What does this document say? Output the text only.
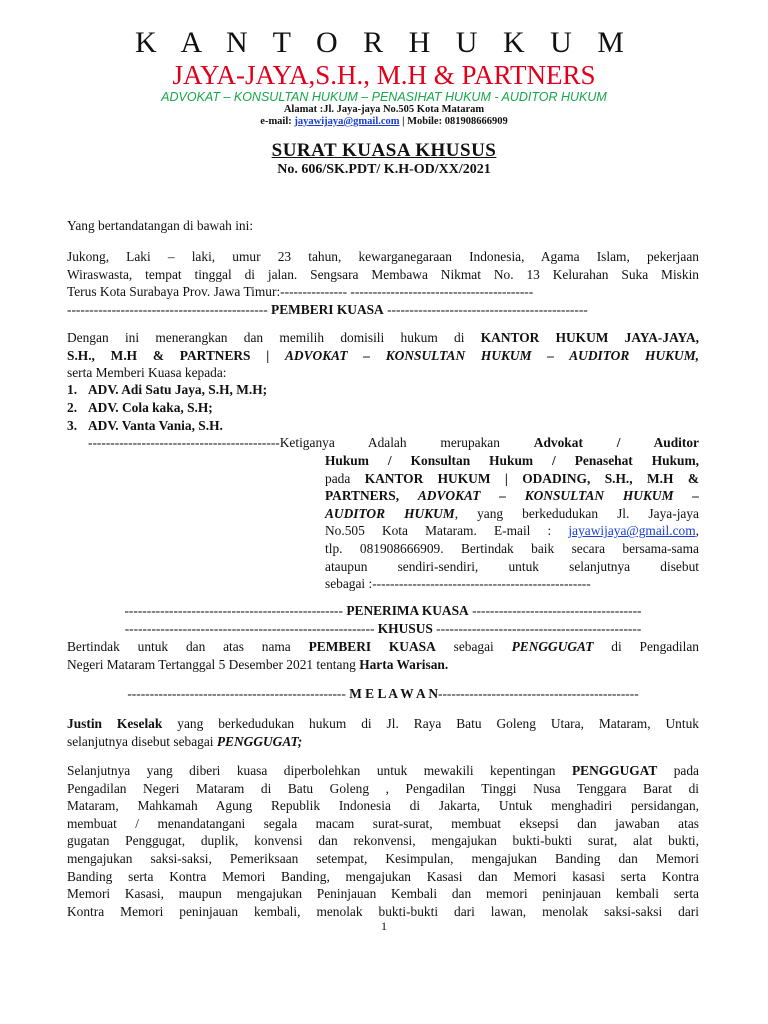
K A N T O R H U K U M
JAYA-JAYA,S.H., M.H & PARTNERS
ADVOKAT – KONSULTAN HUKUM – PENASIHAT HUKUM - AUDITOR HUKUM
Alamat :Jl. Jaya-jaya No.505 Kota Mataram
e-mail: jayawijaya@gmail.com | Mobile: 081908666909
SURAT KUASA KHUSUS
No. 606/SK.PDT/ K.H-OD/XX/2021
Yang bertandatangan di bawah ini:
Jukong, Laki – laki, umur 23 tahun, kewarganegaraan Indonesia, Agama Islam, pekerjaan
Wiraswasta, tempat tinggal di jalan. Sengsara Membawa Nikmat No. 13 Kelurahan Suka Miskin
Terus Kota Surabaya Prov. Jawa Timur:--------------- -----------------------------------------
--------------------------------------------- PEMBERI KUASA ---------------------------------------------
Dengan ini menerangkan dan memilih domisili hukum di KANTOR HUKUM JAYA-JAYA,
S.H., M.H & PARTNERS | ADVOKAT – KONSULTAN HUKUM – AUDITOR HUKUM,
serta Memberi Kuasa kepada:
1. ADV. Adi Satu Jaya, S.H, M.H;
2. ADV. Cola kaka, S.H;
3. ADV. Vanta Vania, S.H.
-------------------------------------------Ketiganya Adalah merupakan Advokat / Auditor
Hukum / Konsultan Hukum / Penasehat Hukum,
pada KANTOR HUKUM | ODADING, S.H., M.H &
PARTNERS, ADVOKAT – KONSULTAN HUKUM –
AUDITOR HUKUM, yang berkedudukan Jl. Jaya-jaya
No.505 Kota Mataram. E-mail : jayawijaya@gmail.com,
tlp. 081908666909. Bertindak baik secara bersama-sama
ataupun sendiri-sendiri, untuk selanjutnya disebut
sebagai :-------------------------------------------------
------------------------------------------------- PENERIMA KUASA --------------------------------------
-------------------------------------------------------- KHUSUS ----------------------------------------------
Bertindak untuk dan atas nama PEMBERI KUASA sebagai PENGGUGAT di Pengadilan
Negeri Mataram Tertanggal 5 Desember 2021 tentang Harta Warisan.
------------------------------------------------- M E L A W A N---------------------------------------------
Justin Keselak yang berkedudukan hukum di Jl. Raya Batu Goleng Utara, Mataram, Untuk
selanjutnya disebut sebagai PENGGUGAT;
Selanjutnya yang diberi kuasa diperbolehkan untuk mewakili kepentingan PENGGUGAT pada
Pengadilan Negeri Mataram di Batu Goleng , Pengadilan Tinggi Nusa Tenggara Barat di
Mataram, Mahkamah Agung Republik Indonesia di Jakarta, Untuk menghadiri persidangan,
membuat / menandatangani segala macam surat-surat, membuat eksepsi dan jawaban atas
gugatan Penggugat, duplik, konvensi dan rekonvensi, mengajukan bukti-bukti surat, alat bukti,
mengajukan saksi-saksi, Pemeriksaan setempat, Kesimpulan, mengajukan Banding dan Memori
Banding serta Kontra Memori Banding, mengajukan Kasasi dan Memori kasasi serta Kontra
Memori Kasasi, maupun mengajukan Peninjauan Kembali dan memori peninjauan kembali serta
Kontra Memori peninjauan kembali, menolak bukti-bukti dari lawan, menolak saksi-saksi dari
1
